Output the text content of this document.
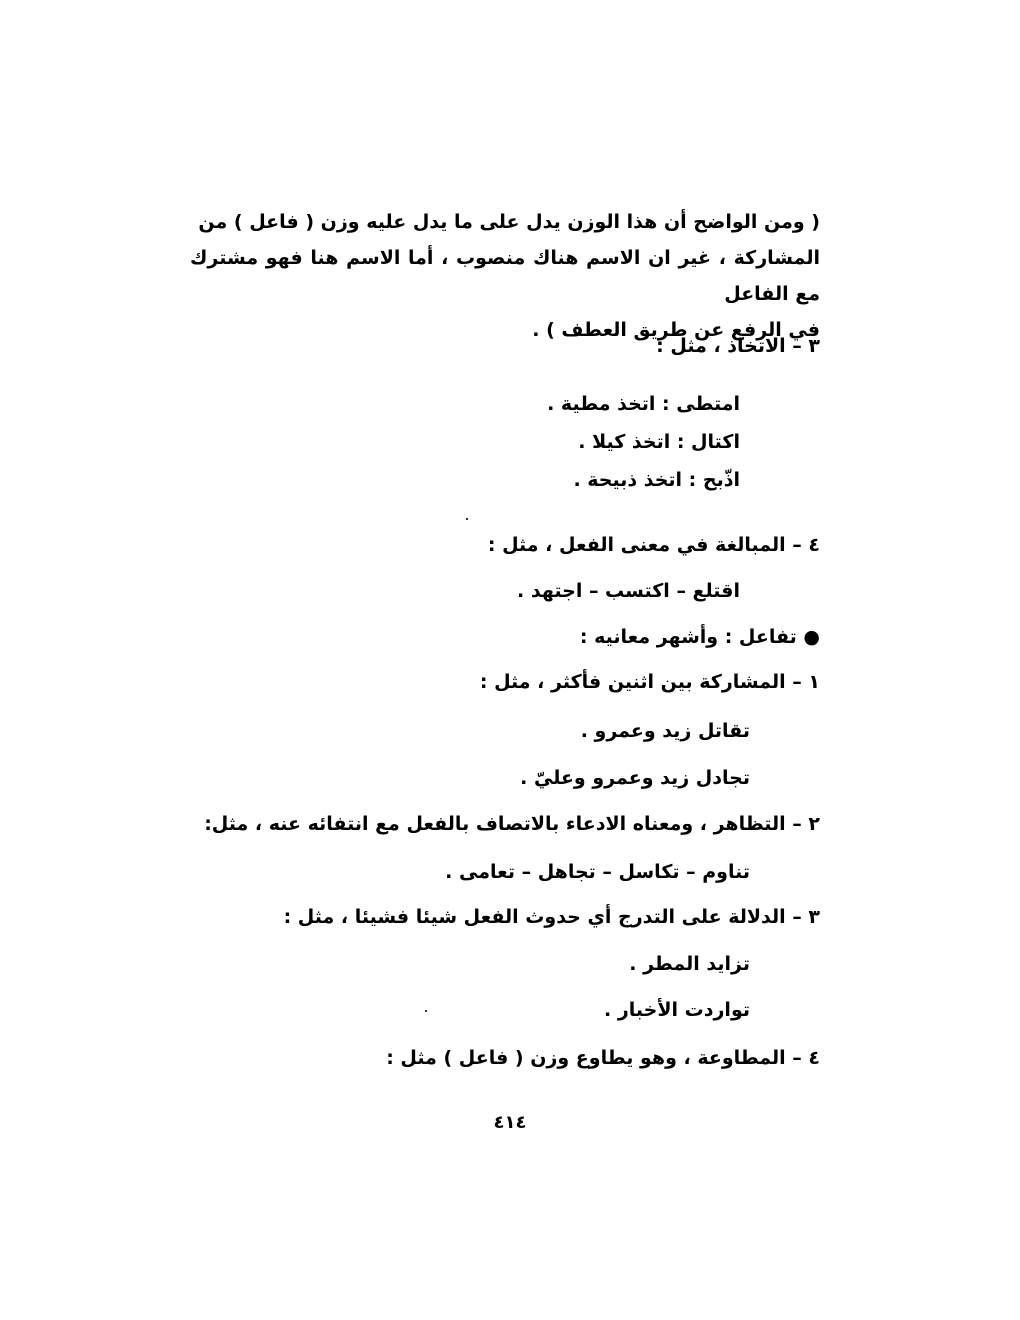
( ومن الواضح أن هذا الوزن يدل على ما يدل عليه وزن ( فاعل ) من
المشاركة ، غير ان الاسم هناك منصوب ، أما الاسم هنا فهو مشترك مع الفاعل
في الرفع عن طريق العطف ) .
٣ – الاتخاذ ، مثل :
امتطى : اتخذ مطية .
اكتال : اتخذ كيلا .
اذّبح : اتخذ ذبيحة .
٤ – المبالغة في معنى الفعل ، مثل :
اقتلع – اكتسب – اجتهد .
● تفاعل : وأشهر معانيه :
١ – المشاركة بين اثنين فأكثر ، مثل :
تقاتل زيد وعمرو .
تجادل زيد وعمرو وعليّ .
٢ – التظاهر ، ومعناه الادعاء بالاتصاف بالفعل مع انتفائه عنه ، مثل:
تناوم – تكاسل – تجاهل – تعامى .
٣ – الدلالة على التدرج أي حدوث الفعل شيئا فشيئا ، مثل :
تزايد المطر .
تواردت الأخبار .
٤ – المطاوعة ، وهو يطاوع وزن ( فاعل ) مثل :
٤١٤
